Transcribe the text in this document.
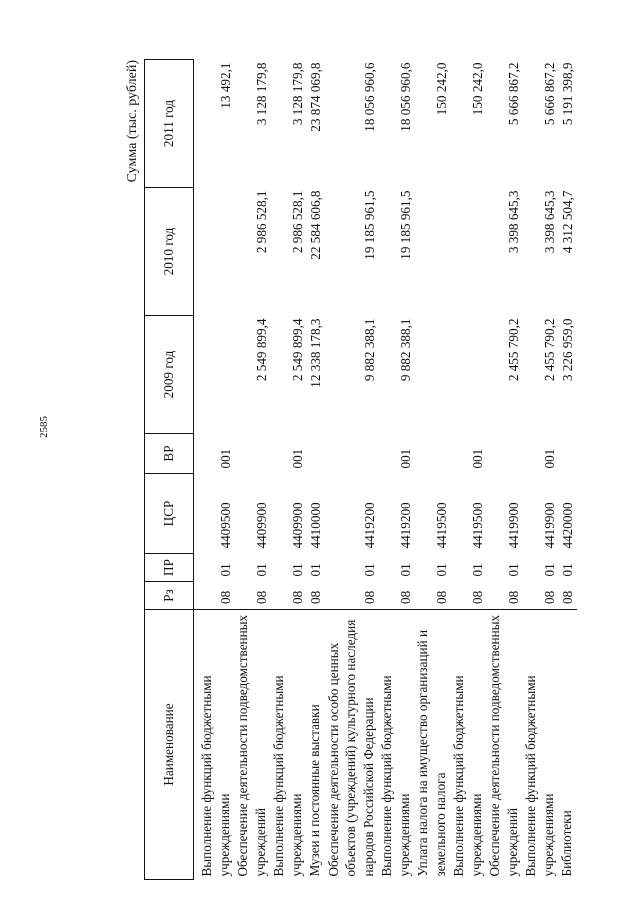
2585
Сумма (тыс. рублей)
Наименование	Рз	ПР	ЦСР	ВР	2009 год	2010 год	2011 год

Выполнение функций бюджетными учреждениями	08	01	4409500	001			13 492,1
Обеспечение деятельности подведомственных учреждений	08	01	4409900		2 549 899,4	2 986 528,1	3 128 179,8
Выполнение функций бюджетными учреждениями	08	01	4409900	001	2 549 899,4	2 986 528,1	3 128 179,8
Музеи и постоянные выставки	08	01	4410000		12 338 178,3	22 584 606,8	23 874 069,8
Обеспечение деятельности особо ценных объектов (учреждений) культурного наследия народов Российской Федерации	08	01	4419200		9 882 388,1	19 185 961,5	18 056 960,6
Выполнение функций бюджетными учреждениями	08	01	4419200	001	9 882 388,1	19 185 961,5	18 056 960,6
Уплата налога на имущество организаций и земельного налога	08	01	4419500				150 242,0
Выполнение функций бюджетными учреждениями	08	01	4419500	001			150 242,0
Обеспечение деятельности подведомственных учреждений	08	01	4419900		2 455 790,2	3 398 645,3	5 666 867,2
Выполнение функций бюджетными учреждениями	08	01	4419900	001	2 455 790,2	3 398 645,3	5 666 867,2
Библиотеки	08	01	4420000		3 226 959,0	4 312 504,7	5 191 398,9
